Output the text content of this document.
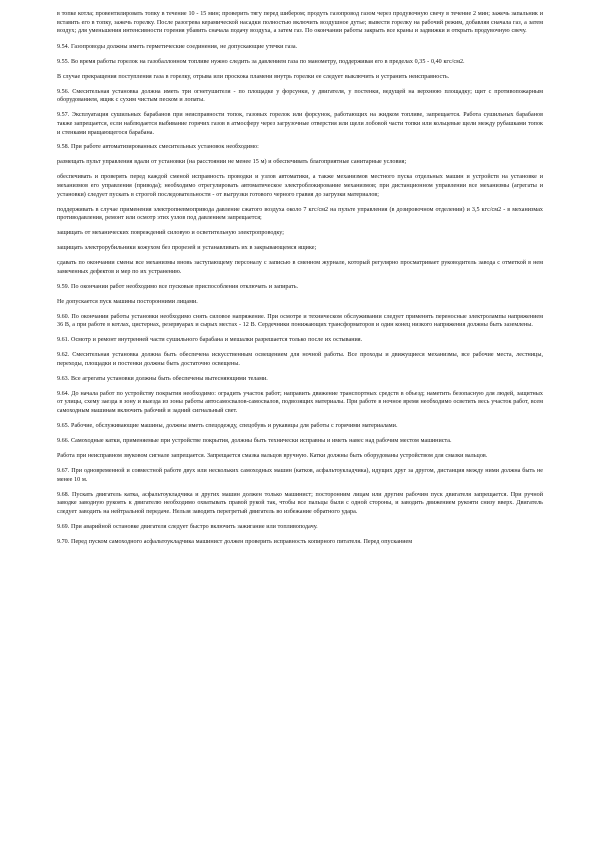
в топке котла; провентилировать топку в течение 10 - 15 мин; проверить тягу перед шибером; продуть газопровод газом через продувочную свечу в течение 2 мин; зажечь запальник и вставить его в топку, зажечь горелку. После разогрева керамической насадки полностью включить воздушное дутье; вывести горелку на рабочий режим, добавляя сначала газ, а затем воздух; для уменьшения интенсивности горения убавить сначала подачу воздуха, а затем газ. По окончании работы закрыть все краны и задвижки и открыть продувочную свечу.

9.54. Газопроводы должны иметь герметические соединения, не допускающие утечки газа.

9.55. Во время работы горелок на газобаллонном топливе нужно следить за давлением газа по манометру, поддерживая его в пределах 0,35 - 0,40 кгс/см2.

В случае прекращения поступления газа в горелку, отрыва или проскока пламени внутрь горелки ее следует выключить и устранить неисправность.

9.56. Смесительная установка должна иметь три огнетушителя - по площадке у форсунки, у двигателя, у постенки, ведущей на верхнюю площадку; щит с противопожарным оборудованием, ящик с сухим чистым песком и лопаты.

9.57. Эксплуатация сушильных барабанов при неисправности топок, газовых горелок или форсунок, работающих на жидком топливе, запрещается. Работа сушильных барабанов также запрещается, если наблюдается выбивание горячих газов в атмосферу через загрузочные отверстия или щели лобовой части топки или кольцевые щели между рубашками топок и стенками вращающегося барабана.

9.58. При работе автоматизированных смесительных установок необходимо:

размещать пульт управления вдали от установки (на расстоянии не менее 15 м) и обеспечивать благоприятные санитарные условия;

обеспечивать и проверять перед каждой сменой исправность проводки и узлов автоматики, а также механизмов местного пуска отдельных машин и устройств на установке и механизмов его управления (привода); необходимо отрегулировать автоматическое электроблокирование механизмов; при дистанционном управлении все механизмы (агрегаты и установки) следует пускать в строгой последовательности - от выгрузки готового черного гравия до загрузки материалов;

поддерживать в случае применения электропневмопривода давление сжатого воздуха около 7 кгс/см2 на пульте управления (в дозировочном отделении) и 3,5 кгс/см2 - в механизмах противодавления, ремонт или осмотр этих узлов под давлением запрещается;

защищать от механических повреждений силовую и осветительную электропроводку;

защищать электрорубильники кожухом без прорезей и устанавливать их в закрывающемся ящике;

сдавать по окончании смены все механизмы вновь заступающему персоналу с записью в сменном журнале, который регулярно просматривает руководитель завода с отметкой в нем замеченных дефектов и мер по их устранению.

9.59. По окончании работ необходимо все пусковые приспособления отключать и запирать.

Не допускается пуск машины посторонними лицами.

9.60. По окончании работы установки необходимо снять силовое напряжение. При осмотре и техническом обслуживании следует применять переносные электролампы напряжением 36 В, а при работе в котлах, цистернах, резервуарах и сырых местах - 12 В. Сердечники понижающих трансформаторов и один конец низкого напряжения должны быть заземлены.

9.61. Осмотр и ремонт внутренней части сушильного барабана и мешалки разрешается только после их остывания.

9.62. Смесительная установка должна быть обеспечена искусственным освещением для ночной работы. Все проходы и движущиеся механизмы, все рабочие места, лестницы, переходы, площадки и постенки должны быть достаточно освещены.

9.63. Все агрегаты установки должны быть обеспечены вытесняющими телами.

9.64. До начала работ по устройству покрытия необходимо: оградить участок работ; направить движение транспортных средств в объезд; наметить безопасную для людей, защитных от улицы, схему заезда в зону и выезда из зоны работы автосамосвалов-самосвалов, подвозящих материалы. При работе в ночное время необходимо осветить весь участок работ, всем самоходным машинам включить рабочий и задний сигнальный свет.

9.65. Рабочие, обслуживающие машины, должны иметь спецодежду, спецобувь и рукавицы для работы с горячими материалами.

9.66. Самоходные катки, применяемые при устройстве покрытия, должны быть технически исправны и иметь навес над рабочим местом машиниста.

Работа при неисправном звуковом сигнале запрещается. Запрещается смазка вальцов вручную. Катки должны быть оборудованы устройством для смазки вальцов.

9.67. При одновременной и совместной работе двух или нескольких самоходных машин (катков, асфальтоукладчика), идущих друг за другом, дистанция между ними должна быть не менее 10 м.

9.68. Пускать двигатель катка, асфальтоукладчика и других машин должен только машинист; посторонним лицам или другим рабочим пуск двигателя запрещается. При ручной заводке заводную рукоять к двигателю необходимо охватывать правой рукой так, чтобы все пальцы были с одной стороны, и заводить движением рукояти снизу вверх. Двигатель следует заводить на нейтральной передаче. Нельзя заводить перегретый двигатель во избежание обратного удара.

9.69. При аварийной остановке двигателя следует быстро включить зажигание или топливоподачу.

9.70. Перед пуском самоходного асфальтоукладчика машинист должен проверить исправность копирного питателя. Перед опусканием
